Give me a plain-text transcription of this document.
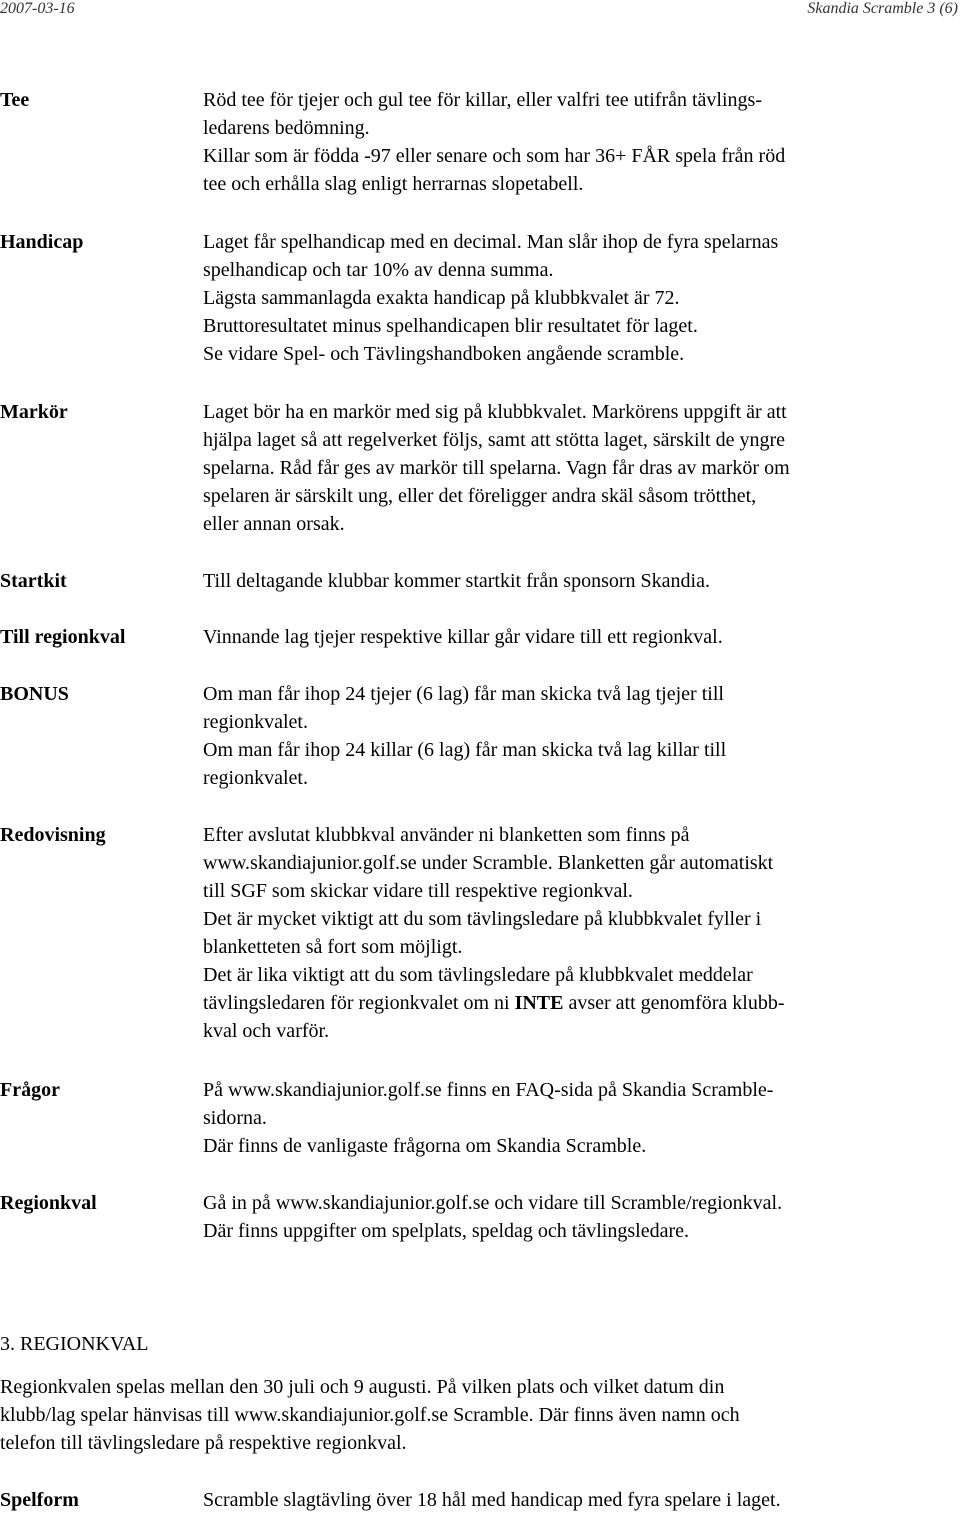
2007-03-16	Skandia Scramble 3 (6)
Tee	Röd tee för tjejer och gul tee för killar, eller valfri tee utifrån tävlings-

ledarens bedömning.

Killar som är födda -97 eller senare och som har 36+ FÅR spela från röd

tee och erhålla slag enligt herrarnas slopetabell.

Handicap	Laget får spelhandicap med en decimal. Man slår ihop de fyra spelarnas

spelhandicap och tar 10% av denna summa.

Lägsta sammanlagda exakta handicap på klubbkvalet är 72.

Bruttoresultatet minus spelhandicapen blir resultatet för laget.

Se vidare Spel- och Tävlingshandboken angående scramble.

Markör	Laget bör ha en markör med sig på klubbkvalet. Markörens uppgift är att

hjälpa laget så att regelverket följs, samt att stötta laget, särskilt de yngre

spelarna. Råd får ges av markör till spelarna. Vagn får dras av markör om

spelaren är särskilt ung, eller det föreligger andra skäl såsom trötthet,

eller annan orsak.

Startkit	Till deltagande klubbar kommer startkit från sponsorn Skandia.

Till regionkval	Vinnande lag tjejer respektive killar går vidare till ett regionkval.

BONUS	Om man får ihop 24 tjejer (6 lag) får man skicka två lag tjejer till

regionkvalet.

Om man får ihop 24 killar (6 lag) får man skicka två lag killar till

regionkvalet.

Redovisning	Efter avslutat klubbkval använder ni blanketten som finns på

www.skandiajunior.golf.se under Scramble. Blanketten går automatiskt

till SGF som skickar vidare till respektive regionkval.

Det är mycket viktigt att du som tävlingsledare på klubbkvalet fyller i

blanketteten så fort som möjligt.

Det är lika viktigt att du som tävlingsledare på klubbkvalet meddelar

tävlingsledaren för regionkvalet om ni INTE avser att genomföra klubb-

kval och varför.

Frågor	På www.skandiajunior.golf.se finns en FAQ-sida på Skandia Scramble-

sidorna.

Där finns de vanligaste frågorna om Skandia Scramble.

Regionkval	Gå in på www.skandiajunior.golf.se och vidare till Scramble/regionkval.

Där finns uppgifter om spelplats, speldag och tävlingsledare.

3. REGIONKVAL

Regionkvalen spelas mellan den 30 juli och 9 augusti. På vilken plats och vilket datum din

klubb/lag spelar hänvisas till www.skandiajunior.golf.se Scramble. Där finns även namn och

telefon till tävlingsledare på respektive regionkval.

Spelform	Scramble slagtävling över 18 hål med handicap med fyra spelare i laget.
